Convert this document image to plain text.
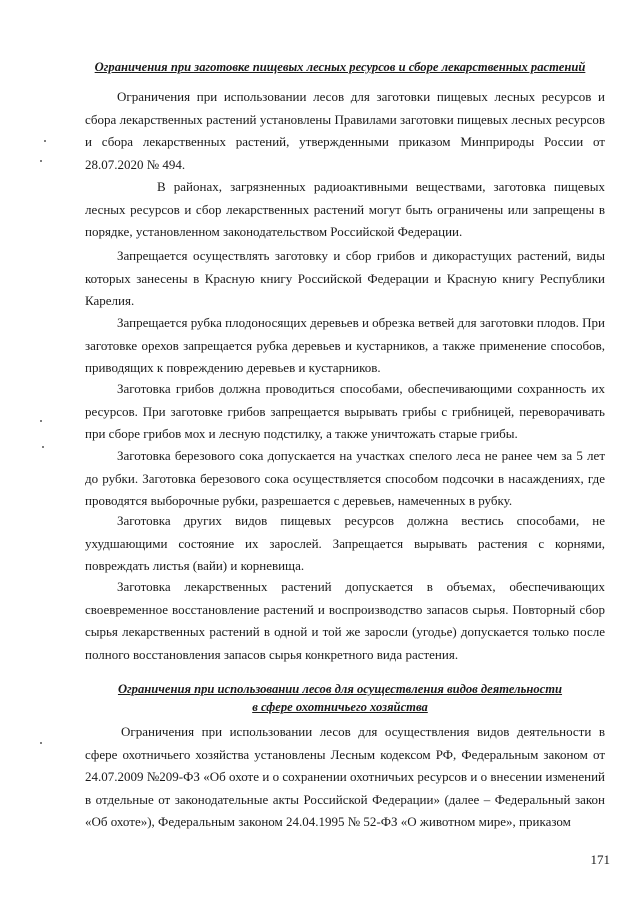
Ограничения при заготовке пищевых лесных ресурсов и сборе лекарственных растений

Ограничения при использовании лесов для заготовки пищевых лесных ресурсов и сбора лекарственных растений установлены Правилами заготовки пищевых лесных ресурсов и сбора лекарственных растений, утвержденными приказом Минприроды России от 28.07.2020 № 494.

В районах, загрязненных радиоактивными веществами, заготовка пищевых лесных ресурсов и сбор лекарственных растений могут быть ограничены или запрещены в порядке, установленном законодательством Российской Федерации.

Запрещается осуществлять заготовку и сбор грибов и дикорастущих растений, виды которых занесены в Красную книгу Российской Федерации и Красную книгу Республики Карелия.

Запрещается рубка плодоносящих деревьев и обрезка ветвей для заготовки плодов. При заготовке орехов запрещается рубка деревьев и кустарников, а также применение способов, приводящих к повреждению деревьев и кустарников.

Заготовка грибов должна проводиться способами, обеспечивающими сохранность их ресурсов. При заготовке грибов запрещается вырывать грибы с грибницей, переворачивать при сборе грибов мох и лесную подстилку, а также уничтожать старые грибы.

Заготовка березового сока допускается на участках спелого леса не ранее чем за 5 лет до рубки. Заготовка березового сока осуществляется способом подсочки в насаждениях, где проводятся выборочные рубки, разрешается с деревьев, намеченных в рубку.

Заготовка других видов пищевых ресурсов должна вестись способами, не ухудшающими состояние их зарослей. Запрещается вырывать растения с корнями, повреждать листья (вайи) и корневища.

Заготовка лекарственных растений допускается в объемах, обеспечивающих своевременное восстановление растений и воспроизводство запасов сырья. Повторный сбор сырья лекарственных растений в одной и той же заросли (угодье) допускается только после полного восстановления запасов сырья конкретного вида растения.

Ограничения при использовании лесов для осуществления видов деятельности
в сфере охотничьего хозяйства

Ограничения при использовании лесов для осуществления видов деятельности в сфере охотничьего хозяйства установлены Лесным кодексом РФ, Федеральным законом от 24.07.2009 №209-ФЗ «Об охоте и о сохранении охотничьих ресурсов и о внесении изменений в отдельные от законодательные акты Российской Федерации» (далее – Федеральный закон «Об охоте»), Федеральным законом 24.04.1995 № 52-ФЗ «О животном мире», приказом

171
